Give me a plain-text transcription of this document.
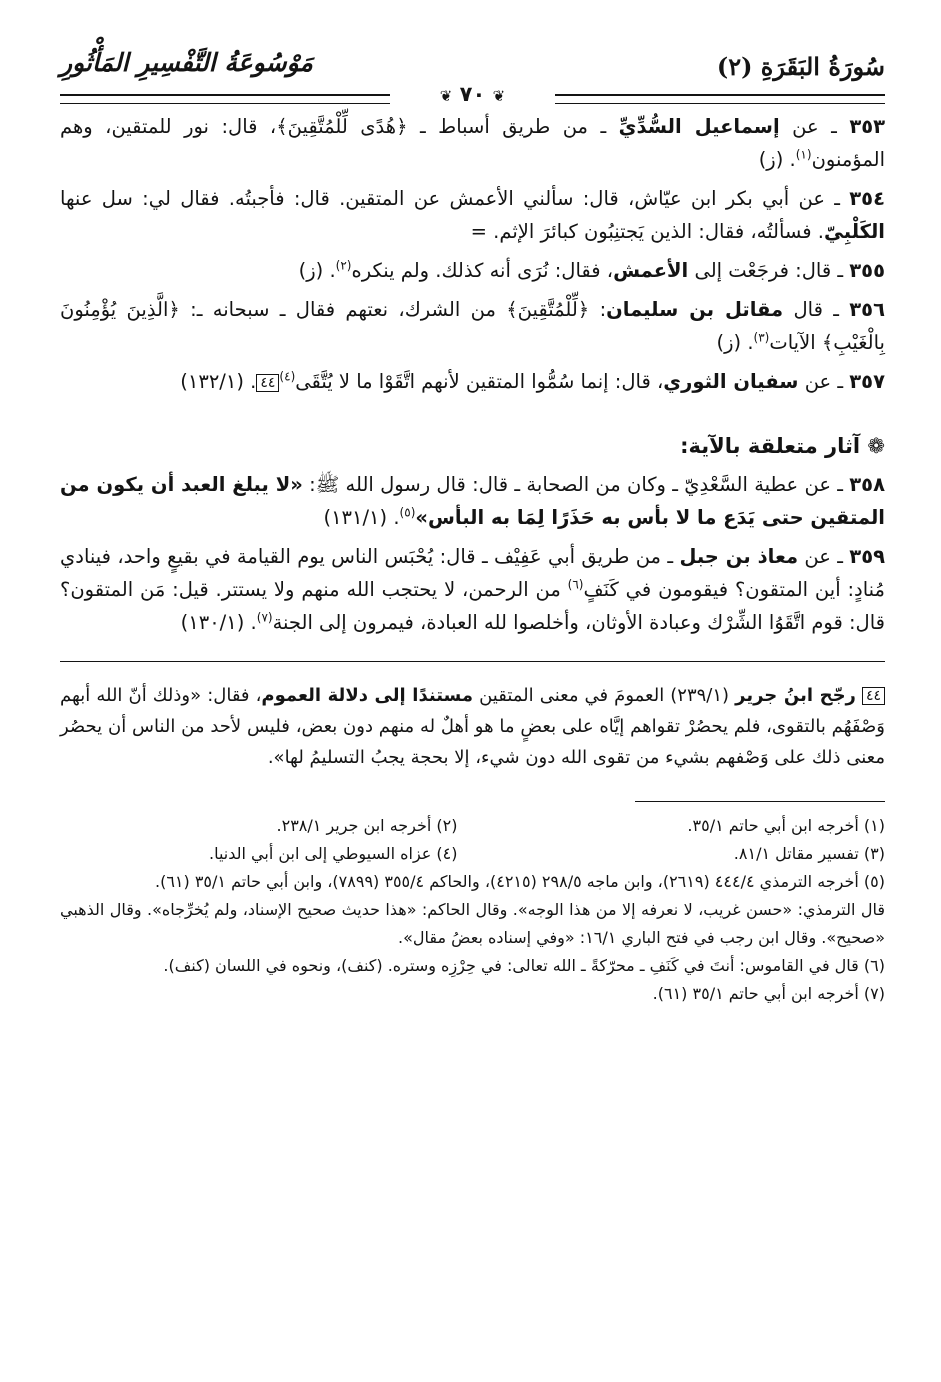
سُورَةُ البَقَرَةِ (٢)
مَوْسُوعَةُ التَّفْسِيرِ المَأْثُورِ
❦ ٧٠ ❦

٣٥٣ ـ عن إسماعيل السُّدِّيِّ ـ من طريق أسباط ـ ﴿هُدًى لِّلْمُتَّقِينَ﴾، قال: نور للمتقين، وهم المؤمنون$^{(١)}$. (ز)

٣٥٤ ـ عن أبي بكر ابن عيّاش، قال: سألني الأعمش عن المتقين. قال: فأجبتُه. فقال لي: سل عنها الكَلْبِيّ. فسألتُه، فقال: الذين يَجتنِبُون كبائرَ الإثم. =

٣٥٥ ـ قال: فرجَعْت إلى الأعمش، فقال: نُرَى أنه كذلك. ولم ينكره$^{(٢)}$. (ز)

٣٥٦ ـ قال مقاتل بن سليمان: ﴿لِّلْمُتَّقِينَ﴾ من الشرك، نعتهم فقال ـ سبحانه ـ: ﴿الَّذِينَ يُؤْمِنُونَ بِالْغَيْبِ﴾ الآيات$^{(٣)}$. (ز)

٣٥٧ ـ عن سفيان الثوري، قال: إنما سُمُّوا المتقين لأنهم اتَّقَوْا ما لا يُتَّقَى$^{(٤)}$٤٤. (١٣٢/١)

❁ آثار متعلقة بالآية:

٣٥٨ ـ عن عطية السَّعْدِيّ ـ وكان من الصحابة ـ قال: قال رسول الله ﷺ: «لا يبلغ العبد أن يكون من المتقين حتى يَدَع ما لا بأس به حَذَرًا لِمَا به البأس»$^{(٥)}$. (١٣١/١)

٣٥٩ ـ عن معاذ بن جبل ـ من طريق أبي عَفِيْف ـ قال: يُحْبَس الناس يوم القيامة في بقيعٍ واحد، فينادي مُنادٍ: أين المتقون؟ فيقومون في كَنَفٍ$^{(٦)}$ من الرحمن، لا يحتجب الله منهم ولا يستتر. قيل: مَن المتقون؟ قال: قوم اتَّقَوُا الشِّرْك وعبادة الأوثان، وأخلصوا لله العبادة، فيمرون إلى الجنة$^{(٧)}$. (١٣٠/١)

٤٤ رجّح ابنُ جرير (٢٣٩/١) العمومَ في معنى المتقين مستندًا إلى دلالة العموم، فقال: «وذلك أنّ الله أبهم وَصْفَهُم بالتقوى، فلم يحصُرْ تقواهم إيَّاه على بعضٍ ما هو أهلٌ له منهم دون بعض، فليس لأحد من الناس أن يحصُر معنى ذلك على وَصْفهم بشيء من تقوى الله دون شيء، إلا بحجة يجبُ التسليمُ لها».

(١) أخرجه ابن أبي حاتم ٣٥/١.
(٢) أخرجه ابن جرير ٢٣٨/١.
(٣) تفسير مقاتل ٨١/١.
(٤) عزاه السيوطي إلى ابن أبي الدنيا.

(٥) أخرجه الترمذي ٤٤٤/٤ (٢٦١٩)، وابن ماجه ٢٩٨/٥ (٤٢١٥)، والحاكم ٣٥٥/٤ (٧٨٩٩)، وابن أبي حاتم ٣٥/١ (٦١).

قال الترمذي: «حسن غريب، لا نعرفه إلا من هذا الوجه». وقال الحاكم: «هذا حديث صحيح الإسناد، ولم يُخرِّجاه». وقال الذهبي «صحيح». وقال ابن رجب في فتح الباري ١٦/١: «وفي إسناده بعضُ مقال».

(٦) قال في القاموس: أنتَ في كَنَفِ ـ محرّكةً ـ الله تعالى: في حِرْزِه وستره. (كنف)، ونحوه في اللسان (كنف).

(٧) أخرجه ابن أبي حاتم ٣٥/١ (٦١).
